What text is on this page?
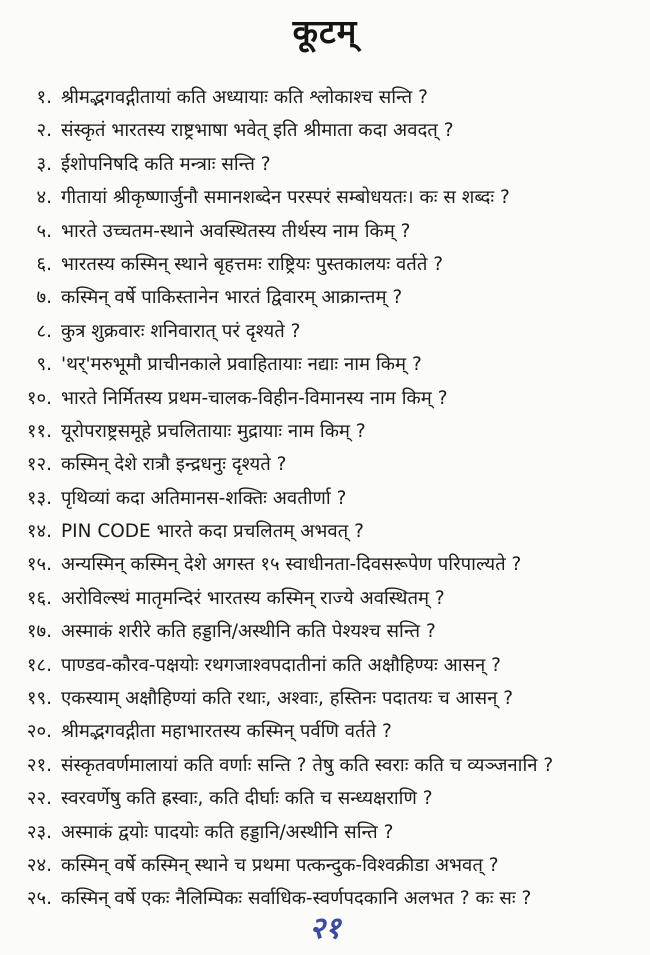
कूटम्
१. श्रीमद्भगवद्गीतायां कति अध्यायाः कति श्लोकाश्च सन्ति ?
२. संस्कृतं भारतस्य राष्ट्रभाषा भवेत् इति श्रीमाता कदा अवदत् ?
३. ईशोपनिषदि कति मन्त्राः सन्ति ?
४. गीतायां श्रीकृष्णार्जुनौ समानशब्देन परस्परं सम्बोधयतः। कः स शब्दः ?
५. भारते उच्चतम-स्थाने अवस्थितस्य तीर्थस्य नाम किम् ?
६. भारतस्य कस्मिन् स्थाने बृहत्तमः राष्ट्रियः पुस्तकालयः वर्तते ?
७. कस्मिन् वर्षे पाकिस्तानेन भारतं द्विवारम् आक्रान्तम् ?
८. कुत्र शुक्रवारः शनिवारात् परं दृश्यते ?
९. 'थर्'मरुभूमौ प्राचीनकाले प्रवाहितायाः नद्याः नाम किम् ?
१०. भारते निर्मितस्य प्रथम-चालक-विहीन-विमानस्य नाम किम् ?
११. यूरोपराष्ट्रसमूहे प्रचलितायाः मुद्रायाः नाम किम् ?
१२. कस्मिन् देशे रात्रौ इन्द्रधनुः दृश्यते ?
१३. पृथिव्यां कदा अतिमानस-शक्तिः अवतीर्णा ?
१४. PIN CODE भारते कदा प्रचलितम् अभवत् ?
१५. अन्यस्मिन् कस्मिन् देशे अगस्त १५ स्वाधीनता-दिवसरूपेण परिपाल्यते ?
१६. अरोविल्स्थं मातृमन्दिरं भारतस्य कस्मिन् राज्ये अवस्थितम् ?
१७. अस्माकं शरीरे कति हड्डानि/अस्थीनि कति पेश्यश्च सन्ति ?
१८. पाण्डव-कौरव-पक्षयोः रथगजाश्वपदातीनां कति अक्षौहिण्यः आसन् ?
१९. एकस्याम् अक्षौहिण्यां कति रथाः, अश्वाः, हस्तिनः पदातयः च आसन् ?
२०. श्रीमद्भगवद्गीता महाभारतस्य कस्मिन् पर्वणि वर्तते ?
२१. संस्कृतवर्णमालायां कति वर्णाः सन्ति ? तेषु कति स्वराः कति च व्यञ्जनानि ?
२२. स्वरवर्णेषु कति ह्रस्वाः, कति दीर्घाः कति च सन्ध्यक्षराणि ?
२३. अस्माकं द्वयोः पादयोः कति हड्डानि/अस्थीनि सन्ति ?
२४. कस्मिन् वर्षे कस्मिन् स्थाने च प्रथमा पत्कन्दुक-विश्वक्रीडा अभवत् ?
२५. कस्मिन् वर्षे एकः नैलिम्पिकः सर्वाधिक-स्वर्णपदकानि अलभत ? कः सः ?
२१
